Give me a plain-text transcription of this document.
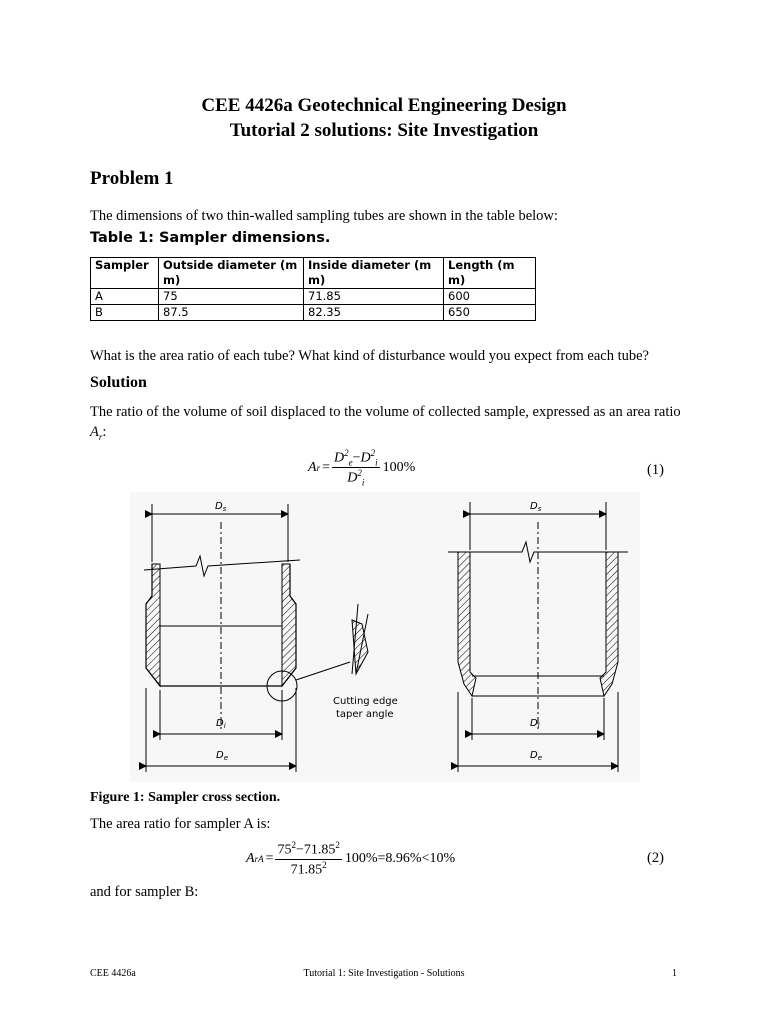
CEE 4426a Geotechnical Engineering Design
Tutorial 2 solutions: Site Investigation
Problem 1
The dimensions of two thin-walled sampling tubes are shown in the table below:
Table 1: Sampler dimensions.
Sampler	Outside diameter (mm)	Inside diameter (mm)	Length (mm)
A	75	71.85	600
B	87.5	82.35	650
What is the area ratio of each tube? What kind of disturbance would you expect from each tube?
Solution
The ratio of the volume of soil displaced to the volume of collected sample, expressed as an area ratio $A_r$:
A $r = \frac{D^2_e-D^2_i}{D^2_i} 100\%$	(1)
$D_s$
$D_i$
$D_e$
Cutting edge
taper angle
$D_s$
$D_i$
$D_e$
Figure 1: Sampler cross section.
The area ratio for sampler A is:
A rA = $\frac{75^2-71.85^2}{71.85^2} 100\%=8.96\%<10\%$	(2)
and for sampler B:
CEE 4426a	Tutorial 1: Site Investigation - Solutions	1
